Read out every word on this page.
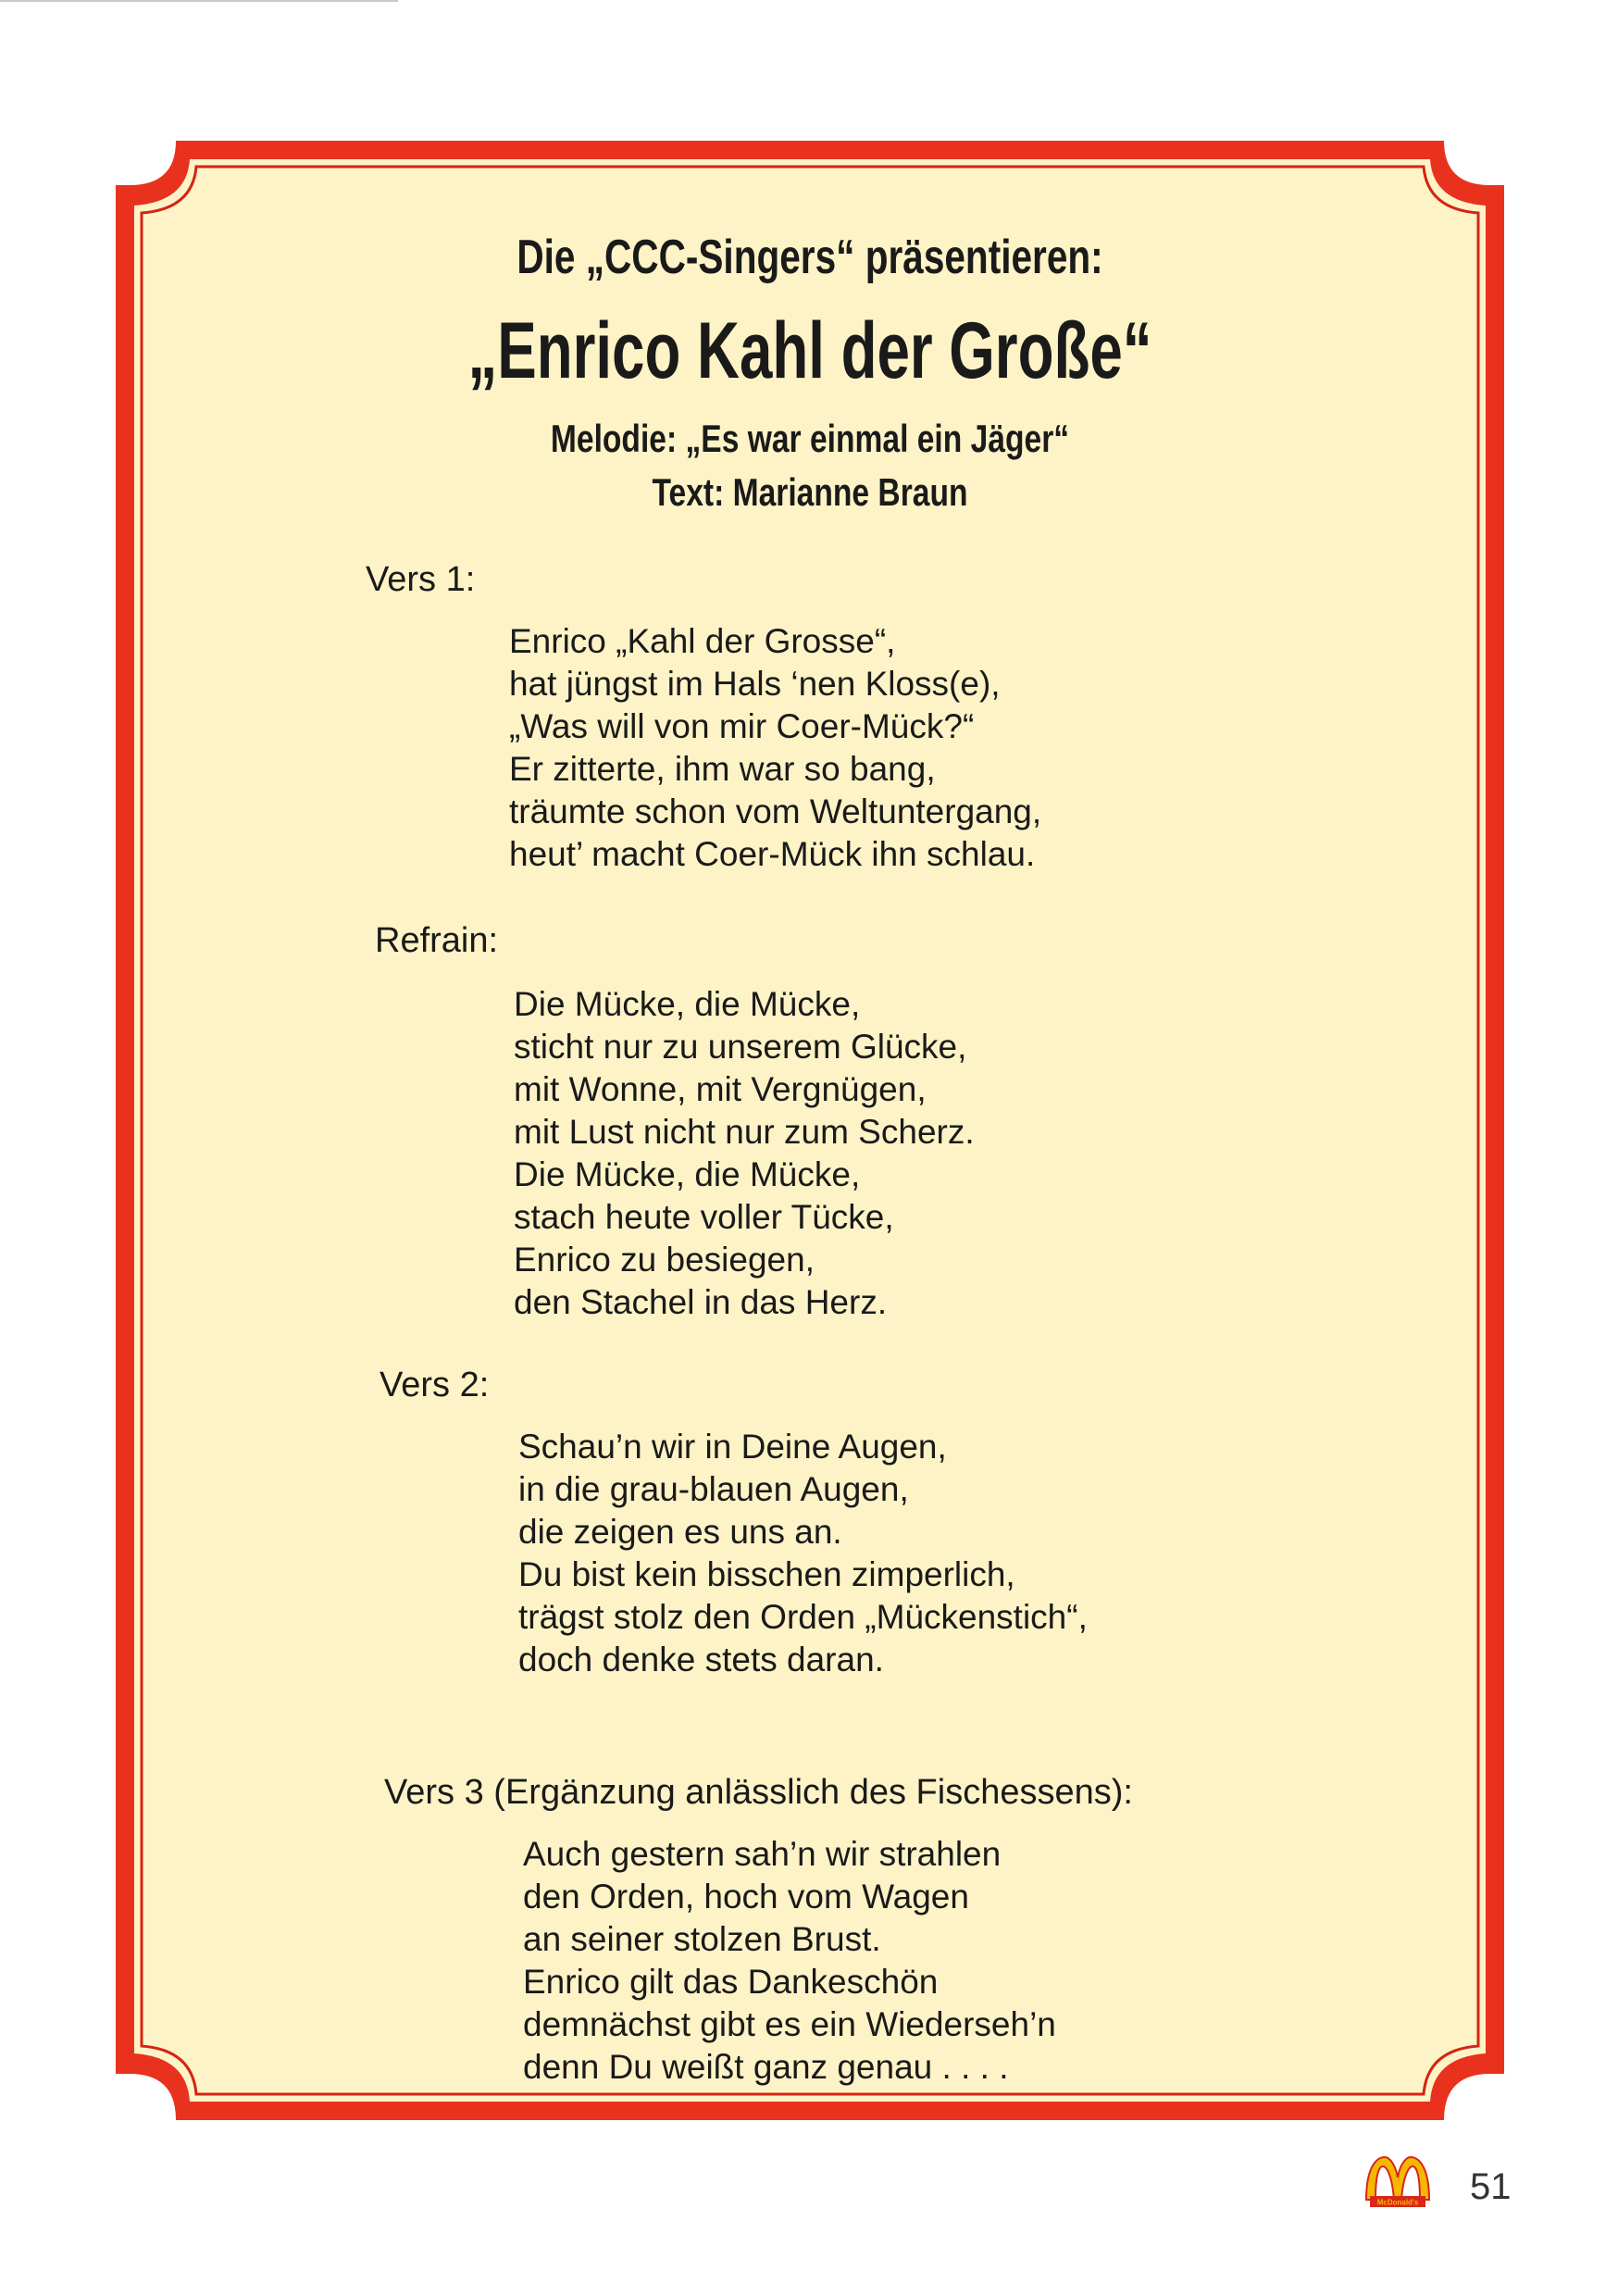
Die „CCC-Singers“ präsentieren:
„Enrico Kahl der Große“
Melodie: „Es war einmal ein Jäger“
Text: Marianne Braun
Vers 1:
Enrico „Kahl der Grosse“,
hat jüngst im Hals ‘nen Kloss(e),
„Was will von mir Coer-Mück?“
Er zitterte, ihm war so bang,
träumte schon vom Weltuntergang,
heut’ macht Coer-Mück ihn schlau.
Refrain:
Die Mücke, die Mücke,
sticht nur zu unserem Glücke,
mit Wonne, mit Vergnügen,
mit Lust nicht nur zum Scherz.
Die Mücke, die Mücke,
stach heute voller Tücke,
Enrico zu besiegen,
den Stachel in das Herz.
Vers 2:
Schau’n wir in Deine Augen,
in die grau-blauen Augen,
die zeigen es uns an.
Du bist kein bisschen zimperlich,
trägst stolz den Orden „Mückenstich“,
doch denke stets daran.
Vers 3 (Ergänzung anlässlich des Fischessens):
Auch gestern sah’n wir strahlen
den Orden, hoch vom Wagen
an seiner stolzen Brust.
Enrico gilt das Dankeschön
demnächst gibt es ein Wiederseh’n
denn Du weißt ganz genau . . . .
McDonald's 51
